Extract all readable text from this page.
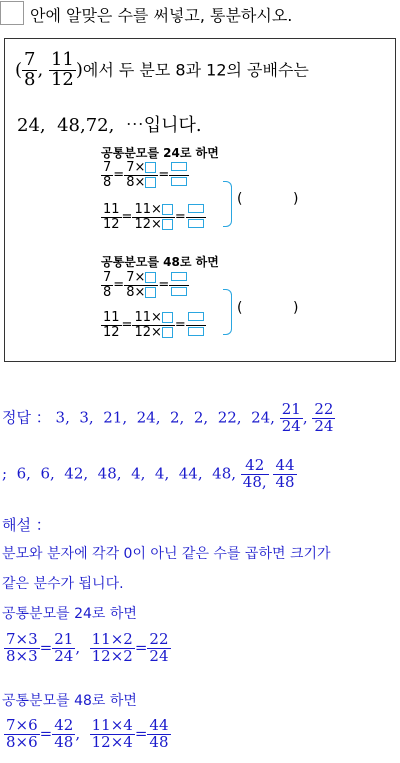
안에 알맞은 수를 써넣고, 통분하시오.
( $\frac{7}{8}$ , $\frac{11}{12}$ )에서 두 분모 8과 12의 공배수는
24,  48,72,  ⋯입니다.
공통분모를 24로 하면
$\frac{7}{8} = \frac{7\times}{8\times}$ =
$\frac{11}{12} = \frac{11\times}{12\times}$ =
(	)
공통분모를 48로 하면
$\frac{7}{8} = \frac{7\times}{8\times}$ =
$\frac{11}{12} = \frac{11\times}{12\times}$ =
(	)
정답 ： 3,  3,  21,  24,  2,  2,  22,  24, $\frac{21}{24}$ , $\frac{22}{24}$
;  6,  6,  42,  48,  4,  4,  44,  48, $\frac{42}{48,}$
$\frac{44}{48}$
해설 ：
분모와 분자에 각각 0이 아닌 같은 수를 곱하면 크기가
같은 분수가 됩니다.
공통분모를 24로 하면
$\frac{7\times 3}{8\times 3} = \frac{21}{24}$ , $\frac{11\times 2}{12\times 2} = \frac{22}{24}$
공통분모를 48로 하면
$\frac{7\times 6}{8\times 6} = \frac{42}{48}$ , $\frac{11\times 4}{12\times 4} = \frac{44}{48}$
